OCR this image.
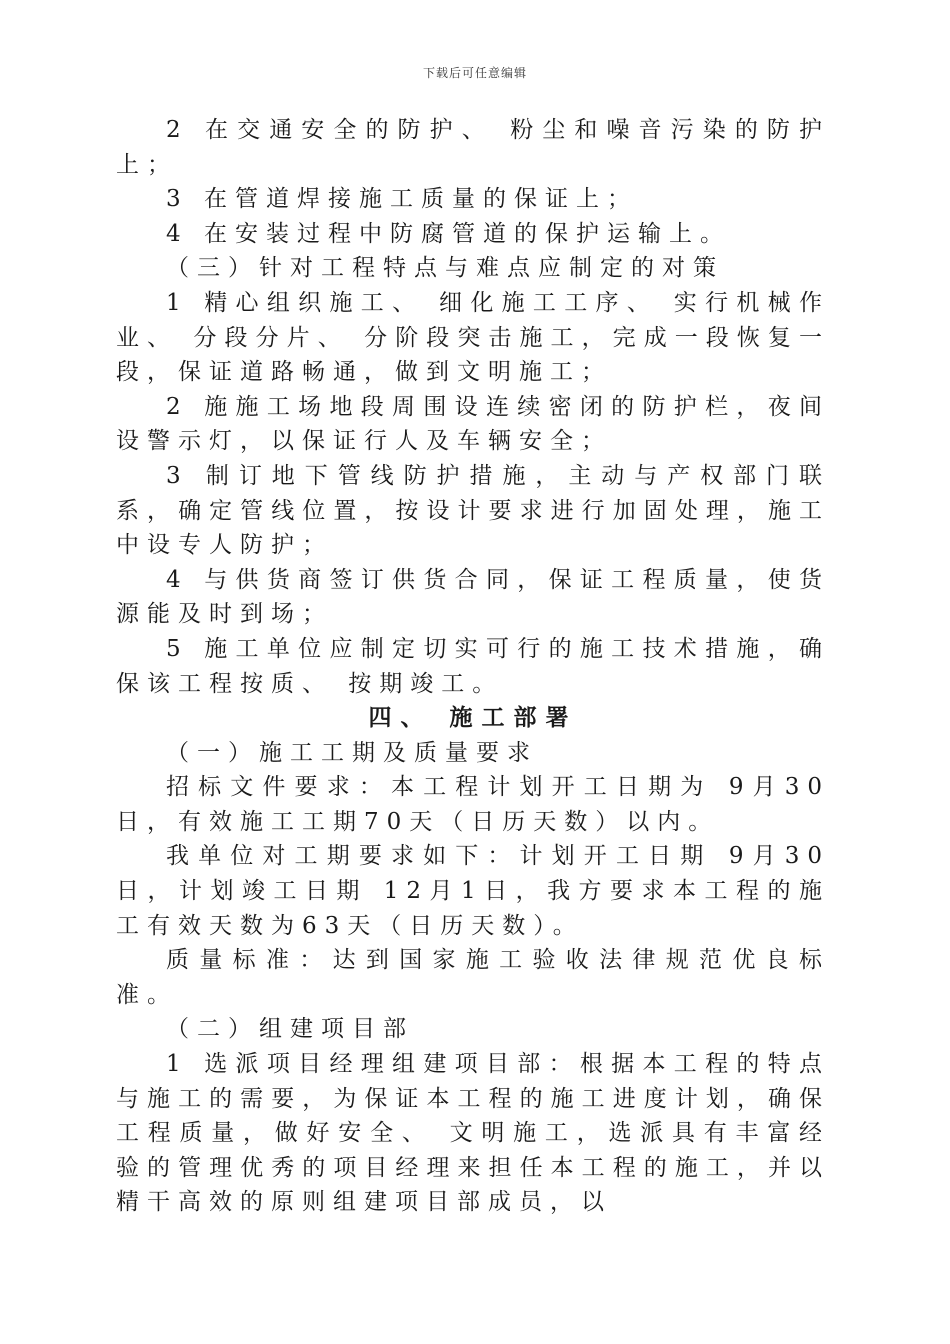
下载后可任意编辑

2 在交通安全的防护、 粉尘和噪音污染的防护上；

3 在管道焊接施工质量的保证上；

4 在安装过程中防腐管道的保护运输上。

（三）针对工程特点与难点应制定的对策

1 精心组织施工、 细化施工工序、 实行机械作业、 分段分片、 分阶段突击施工，完成一段恢复一段，保证道路畅通，做到文明施工；

2 施施工场地段周围设连续密闭的防护栏，夜间设警示灯，以保证行人及车辆安全；

3 制订地下管线防护措施，主动与产权部门联系，确定管线位置，按设计要求进行加固处理，施工中设专人防护；

4 与供货商签订供货合同，保证工程质量，使货源能及时到场；

5 施工单位应制定切实可行的施工技术措施，确保该工程按质、 按期竣工。

四、 施工部署

（一）施工工期及质量要求

招标文件要求：本工程计划开工日期为 9月30日，有效施工工期70天（日历天数）以内。

我单位对工期要求如下：计划开工日期 9月30日，计划竣工日期 12月1日，我方要求本工程的施工有效天数为63天（日历天数）。

质量标准：达到国家施工验收法律规范优良标准。

（二）组建项目部

1 选派项目经理组建项目部：根据本工程的特点与施工的需要，为保证本工程的施工进度计划，确保工程质量，做好安全、 文明施工，选派具有丰富经验的管理优秀的项目经理来担任本工程的施工，并以精干高效的原则组建项目部成员，以
